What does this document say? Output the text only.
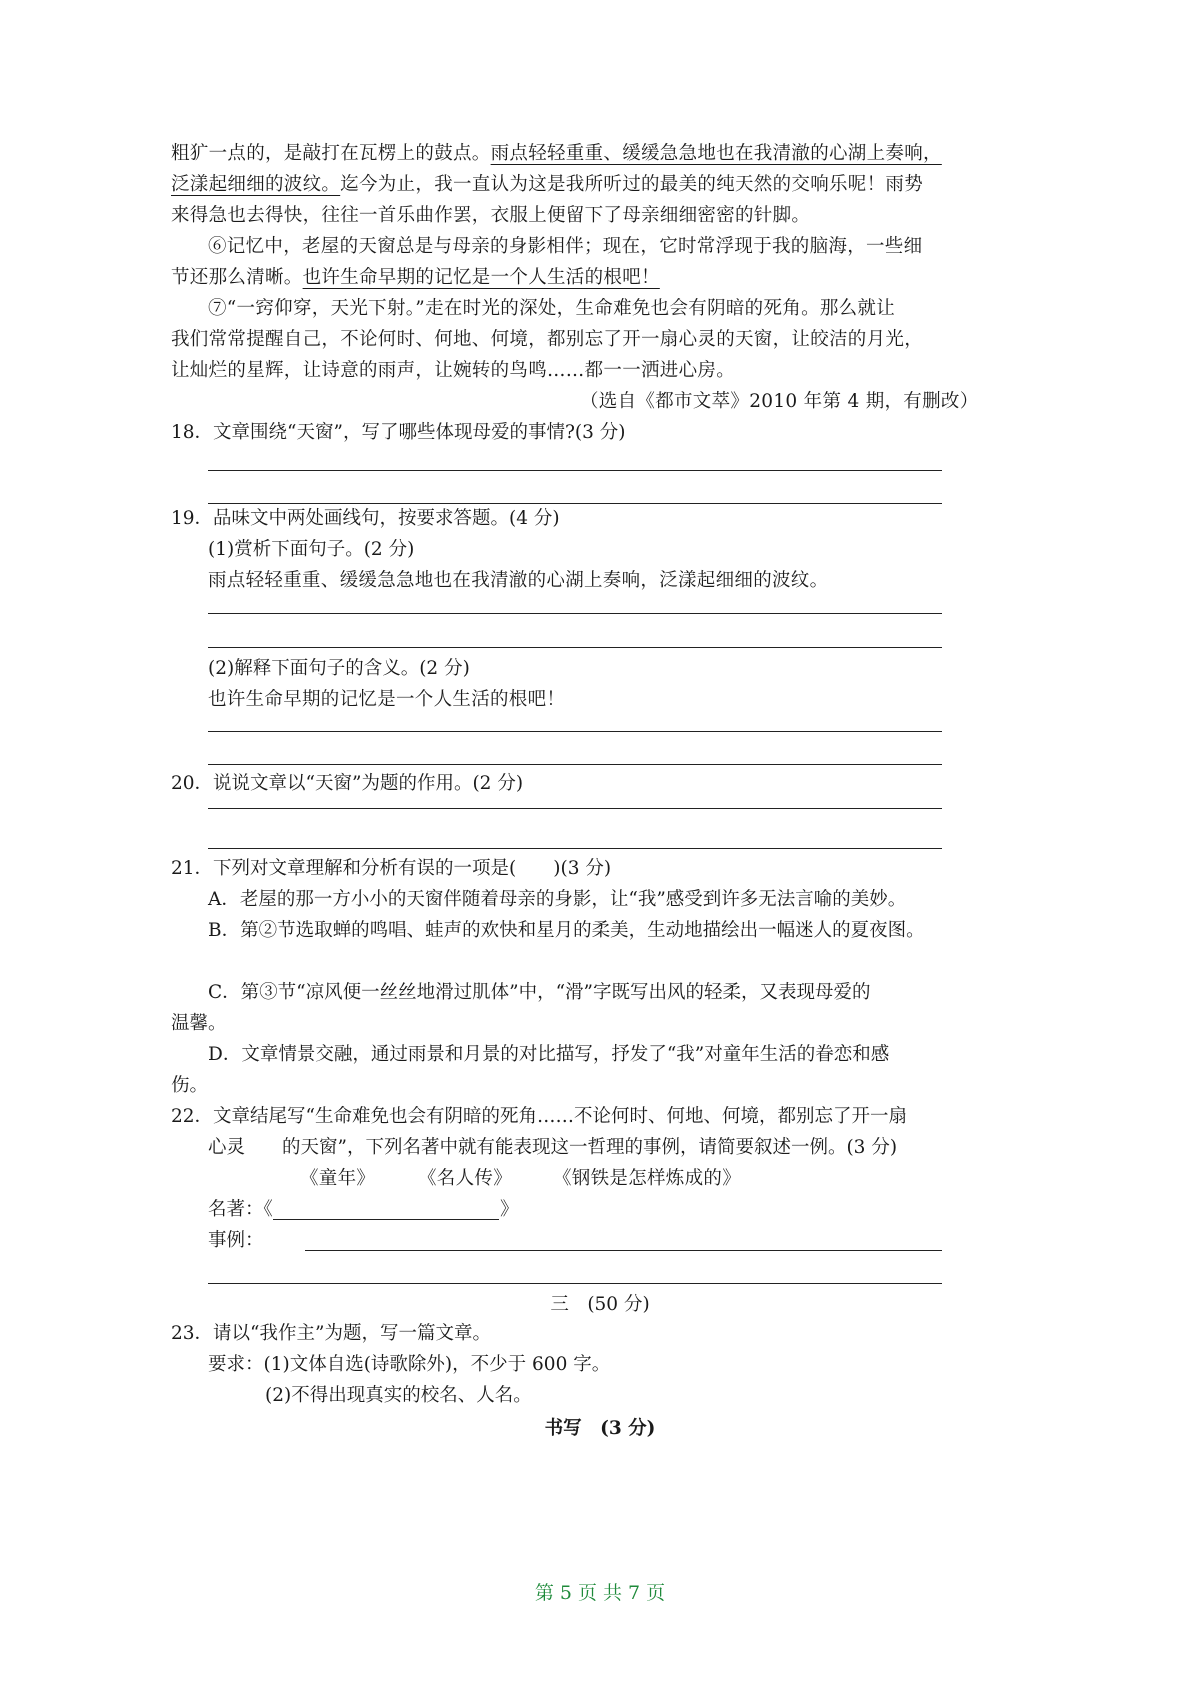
粗犷一点的，是敲打在瓦楞上的鼓点。雨点轻轻重重、缓缓急急地也在我清澈的心湖上奏响，
泛漾起细细的波纹。迄今为止，我一直认为这是我所听过的最美的纯天然的交响乐呢！雨势
来得急也去得快，往往一首乐曲作罢，衣服上便留下了母亲细细密密的针脚。
⑥记忆中，老屋的天窗总是与母亲的身影相伴；现在，它时常浮现于我的脑海，一些细
节还那么清晰。也许生命早期的记忆是一个人生活的根吧！
⑦“一窍仰穿，天光下射。”走在时光的深处，生命难免也会有阴暗的死角。那么就让
我们常常提醒自己，不论何时、何地、何境，都别忘了开一扇心灵的天窗，让皎洁的月光，
让灿烂的星辉，让诗意的雨声，让婉转的鸟鸣……都一一洒进心房。
（选自《都市文萃》2010 年第 4 期，有删改）
18．文章围绕“天窗”，写了哪些体现母爱的事情?(3 分)
19．品味文中两处画线句，按要求答题。(4 分)
(1)赏析下面句子。(2 分)
雨点轻轻重重、缓缓急急地也在我清澈的心湖上奏响，泛漾起细细的波纹。
(2)解释下面句子的含义。(2 分)
也许生命早期的记忆是一个人生活的根吧！
20．说说文章以“天窗”为题的作用。(2 分)
21．下列对文章理解和分析有误的一项是(　　)(3 分)
A．老屋的那一方小小的天窗伴随着母亲的身影，让“我”感受到许多无法言喻的美妙。
B．第②节选取蝉的鸣唱、蛙声的欢快和星月的柔美，生动地描绘出一幅迷人的夏夜图。
C．第③节“凉风便一丝丝地滑过肌体”中，“滑”字既写出风的轻柔，又表现母爱的
温馨。
D．文章情景交融，通过雨景和月景的对比描写，抒发了“我”对童年生活的眷恋和感
伤。
22．文章结尾写“生命难免也会有阴暗的死角……不论何时、何地、何境，都别忘了开一扇
心灵　　的天窗”，下列名著中就有能表现这一哲理的事例，请简要叙述一例。(3 分)
《童年》 《名人传》 《钢铁是怎样炼成的》
名著：《	》
事例：
三　(50 分)
23．请以“我作主”为题，写一篇文章。
要求：(1)文体自选(诗歌除外)，不少于 600 字。
(2)不得出现真实的校名、人名。
书写　(3 分)
第 5 页 共 7 页
